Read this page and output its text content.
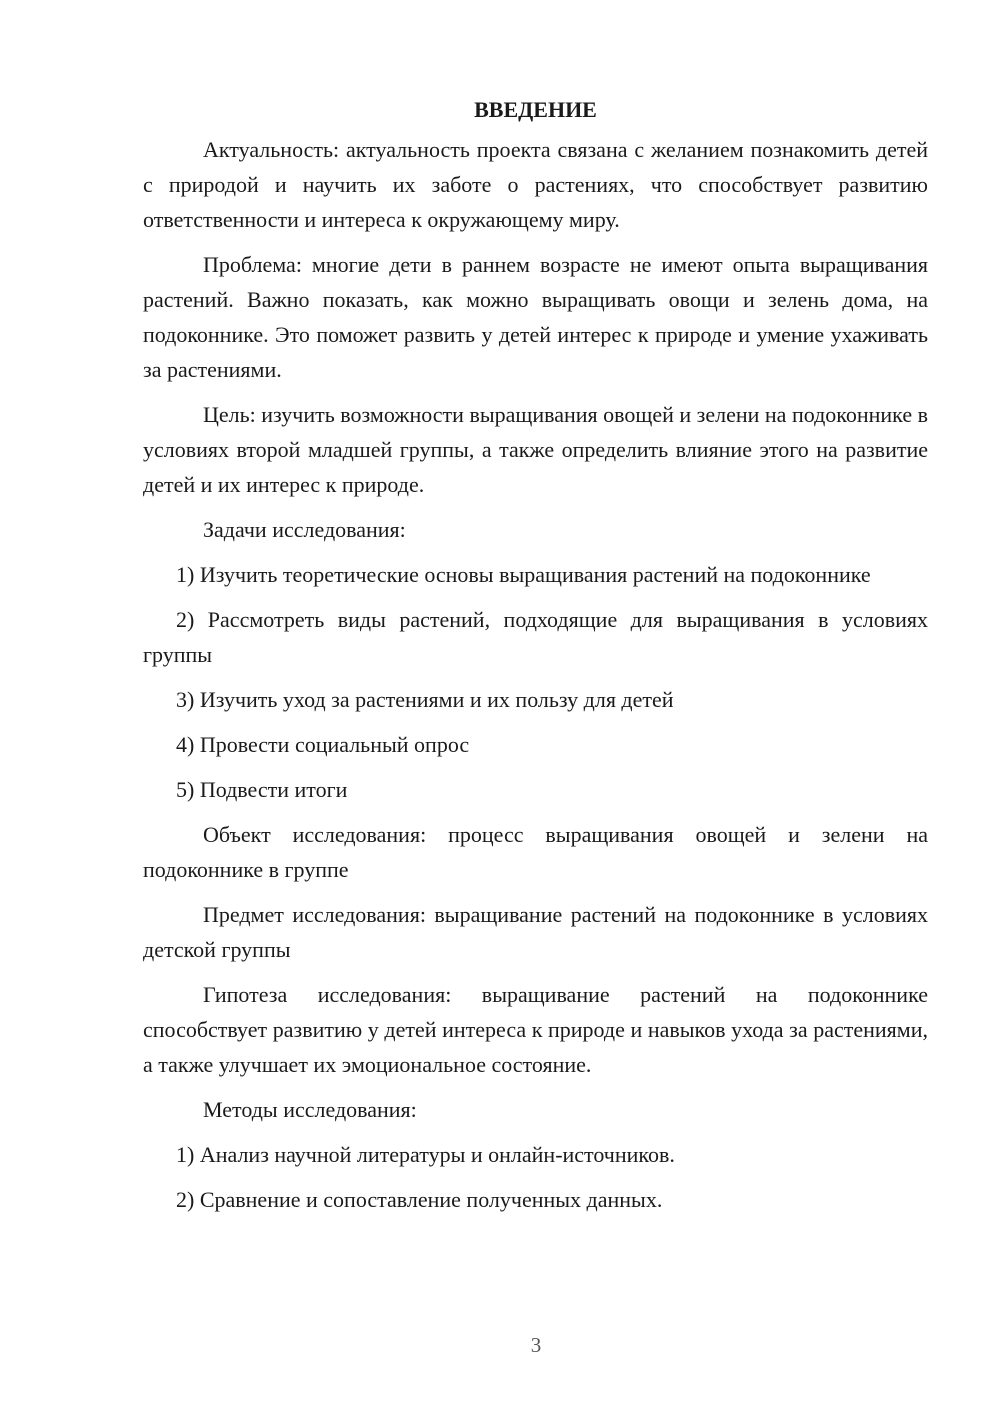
ВВЕДЕНИЕ

Актуальность: актуальность проекта связана с желанием познакомить детей с природой и научить их заботе о растениях, что способствует развитию ответственности и интереса к окружающему миру.

Проблема: многие дети в раннем возрасте не имеют опыта выращивания растений. Важно показать, как можно выращивать овощи и зелень дома, на подоконнике. Это поможет развить у детей интерес к природе и умение ухаживать за растениями.

Цель: изучить возможности выращивания овощей и зелени на подоконнике в условиях второй младшей группы, а также определить влияние этого на развитие детей и их интерес к природе.

Задачи исследования:

1) Изучить теоретические основы выращивания растений на подоконнике

2) Рассмотреть виды растений, подходящие для выращивания в условиях группы

3) Изучить уход за растениями и их пользу для детей

4) Провести социальный опрос

5) Подвести итоги

Объект исследования: процесс выращивания овощей и зелени на подоконнике в группе

Предмет исследования: выращивание растений на подоконнике в условиях детской группы

Гипотеза исследования: выращивание растений на подоконнике способствует развитию у детей интереса к природе и навыков ухода за растениями, а также улучшает их эмоциональное состояние.

Методы исследования:

1) Анализ научной литературы и онлайн-источников.

2) Сравнение и сопоставление полученных данных.

3
